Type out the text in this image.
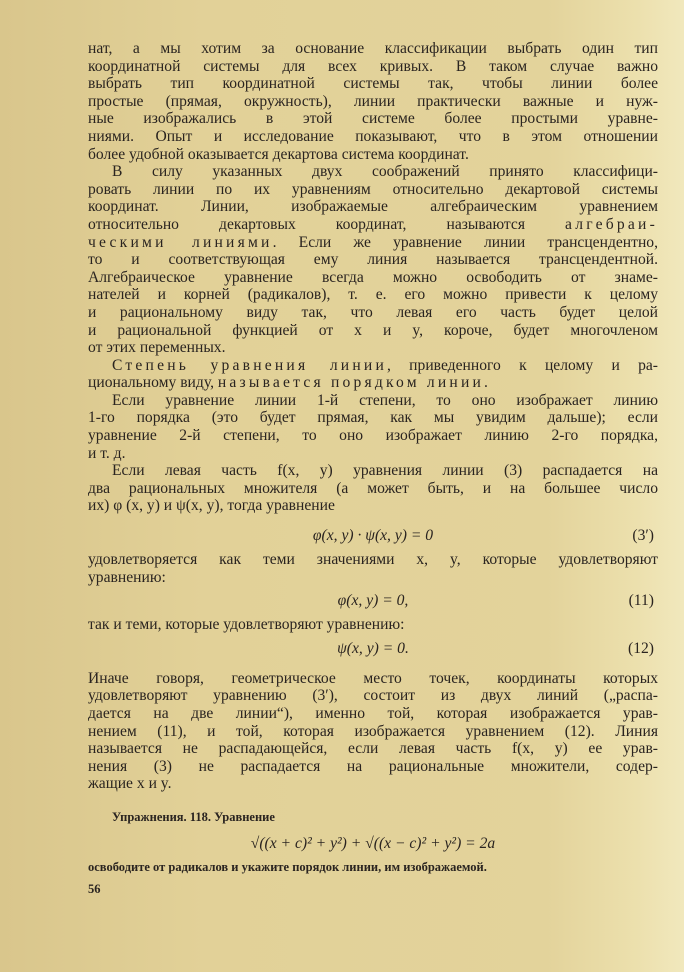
нат, а мы хотим за основание классификации выбрать один тип
координатной системы для всех кривых. В таком случае важно
выбрать тип координатной системы так, чтобы линии более
простые (прямая, окружность), линии практически важные и нуж-
ные изображались в этой системе более простыми уравне-
ниями. Опыт и исследование показывают, что в этом отношении
более удобной оказывается декартова система координат.
В силу указанных двух соображений принято классифици-
ровать линии по их уравнениям относительно декартовой системы
координат. Линии, изображаемые алгебраическим уравнением
относительно декартовых координат, называются алгебраи-
ческими линиями. Если же уравнение линии трансцендентно,
то и соответствующая ему линия называется трансцендентной.
Алгебраическое уравнение всегда можно освободить от знаме-
нателей и корней (радикалов), т. е. его можно привести к целому
и рациональному виду так, что левая его часть будет целой
и рациональной функцией от x и y, короче, будет многочленом
от этих переменных.
Степень уравнения линии, приведенного к целому и ра-
циональному виду, называется порядком линии.
Если уравнение линии 1-й степени, то оно изображает линию
1-го порядка (это будет прямая, как мы увидим дальше); если
уравнение 2-й степени, то оно изображает линию 2-го порядка,
и т. д.
Если левая часть f(x, y) уравнения линии (3) распадается на
два рациональных множителя (а может быть, и на большее число
их) φ (x, y) и ψ(x, y), тогда уравнение
φ(x, y) · ψ(x, y) = 0	(3′)
удовлетворяется как теми значениями x, y, которые удовлетворяют
уравнению:
φ(x, y) = 0,	(11)
так и теми, которые удовлетворяют уравнению:
ψ(x, y) = 0.	(12)
Иначе говоря, геометрическое место точек, координаты которых
удовлетворяют уравнению (3′), состоит из двух линий („распа-
дается на две линии“), именно той, которая изображается урав-
нением (11), и той, которая изображается уравнением (12). Линия
называется не распадающейся, если левая часть f(x, y) ее урав-
нения (3) не распадается на рациональные множители, содер-
жащие x и y.
Упражнения. 118. Уравнение
√((x + c)² + y²) + √((x − c)² + y²) = 2a
освободите от радикалов и укажите порядок линии, им изображаемой.
56
